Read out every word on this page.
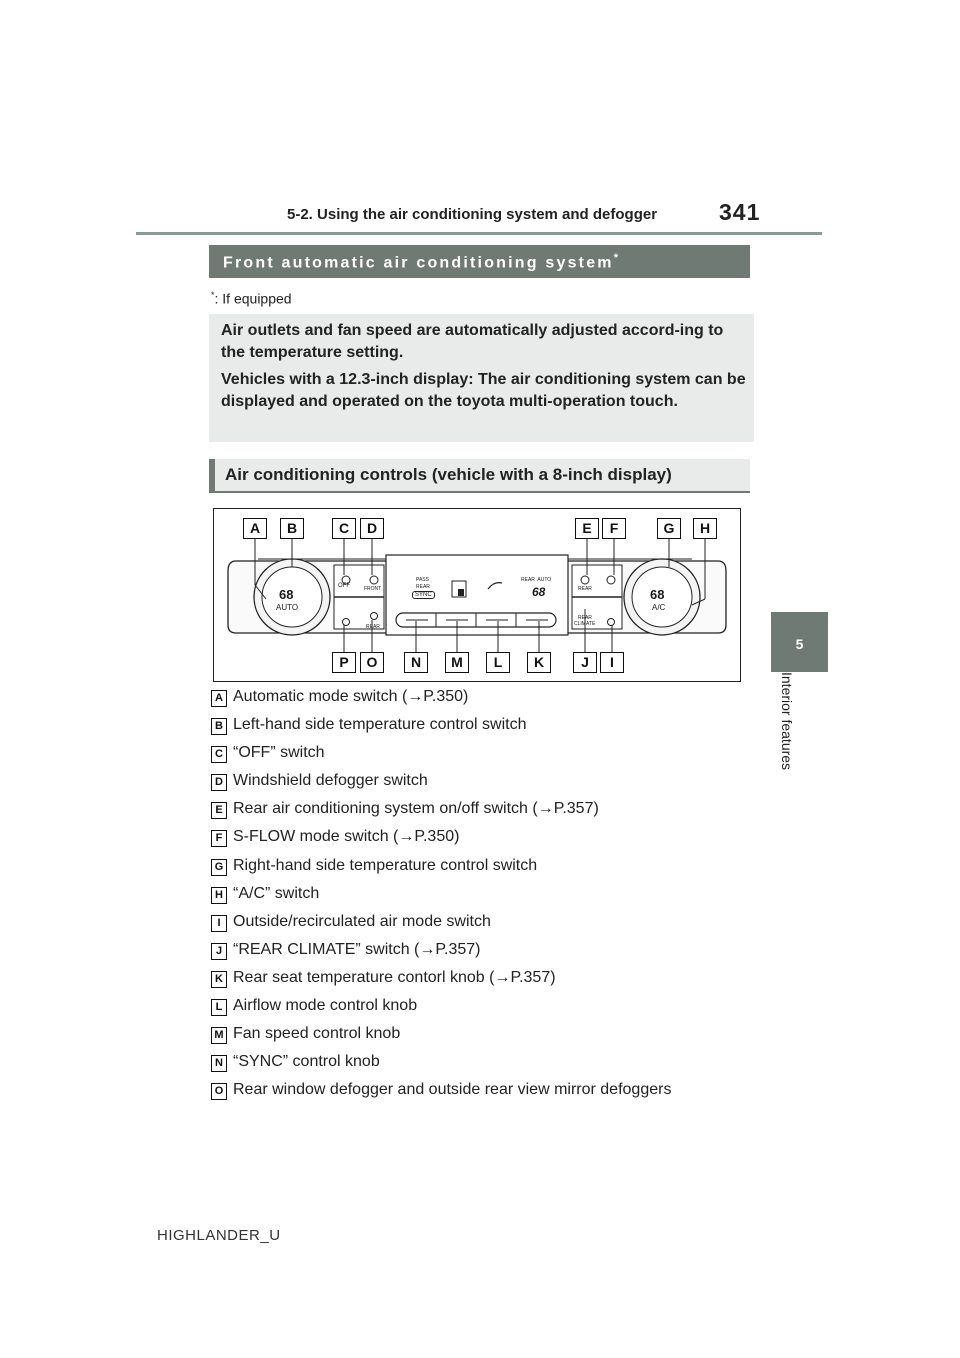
5-2. Using the air conditioning system and defogger	341
5
Interior features
Front automatic air conditioning system*
*: If equipped
Air outlets and fan speed are automatically adjusted accord-ing to the temperature setting.
Vehicles with a 12.3-inch display: The air conditioning system can be displayed and operated on the toyota multi-operation touch.
Air conditioning controls (vehicle with a 8-inch display)
68
AUTO
68
A/C
OFF	FRONT
REAR
PASS
REAR
SYNC
REAR  AUTO
68	REAR
REAR
CLIMATE
A	B	C	D	E	F	G	H
P	O	N	M	L	K	J	I
A Automatic mode switch (→P.350)
B Left-hand side temperature control switch
C “OFF” switch
D Windshield defogger switch
E Rear air conditioning system on/off switch (→P.357)
F S-FLOW mode switch (→P.350)
G Right-hand side temperature control switch
H “A/C” switch
I Outside/recirculated air mode switch
J “REAR CLIMATE” switch (→P.357)
K Rear seat temperature contorl knob (→P.357)
L Airflow mode control knob
M Fan speed control knob
N “SYNC” control knob
O Rear window defogger and outside rear view mirror defoggers
HIGHLANDER_U
